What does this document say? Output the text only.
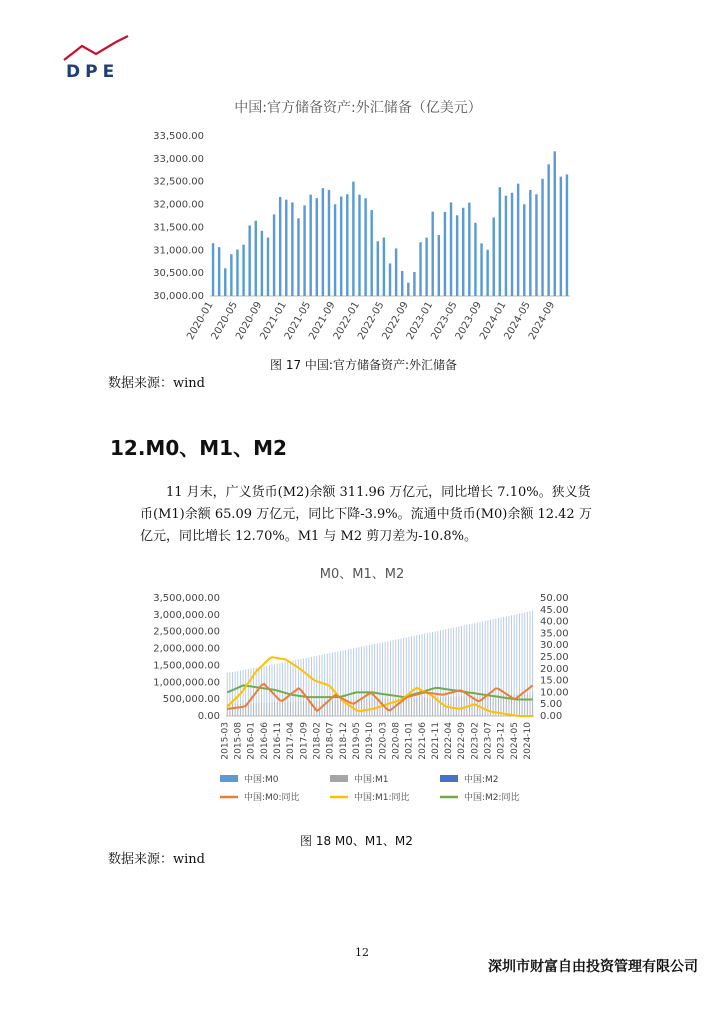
DPE
中国:官方储备资产:外汇储备（亿美元）
30,000.00
30,500.00
31,000.00
31,500.00
32,000.00
32,500.00
33,000.00
33,500.00
2020-01
2020-05
2020-09
2021-01
2021-05
2021-09
2022-01
2022-05
2022-09
2023-01
2023-05
2023-09
2024-01
2024-05
2024-09
图 17 中国:官方储备资产:外汇储备
数据来源：wind
12.M0、M1、M2
11 月末，广义货币(M2)余额 311.96 万亿元，同比增长 7.10%。狭义货
币(M1)余额 65.09 万亿元，同比下降-3.9%。流通中货币(M0)余额 12.42 万
亿元，同比增长 12.70%。M1 与 M2 剪刀差为-10.8%。
M0、M1、M2
0.00
500,000.00
1,000,000.00
1,500,000.00
2,000,000.00
2,500,000.00
3,000,000.00
3,500,000.00
0.00
5.00
10.00
15.00
20.00
25.00
30.00
35.00
40.00
45.00
50.00
2015-03 2015-08 2016-01 2016-06 2016-11 2017-04 2017-09 2018-02 2018-07 2018-12 2019-05 2019-10 2020-03 2020-08 2021-01 2021-06 2021-11 2022-04 2022-09 2023-02 2023-07 2023-12 2024-05 2024-10
中国:M0	中国:M1	中国:M2
中国:M0:同比	中国:M1:同比	中国:M2:同比
图 18 M0、M1、M2
数据来源：wind
12
深圳市财富自由投资管理有限公司
